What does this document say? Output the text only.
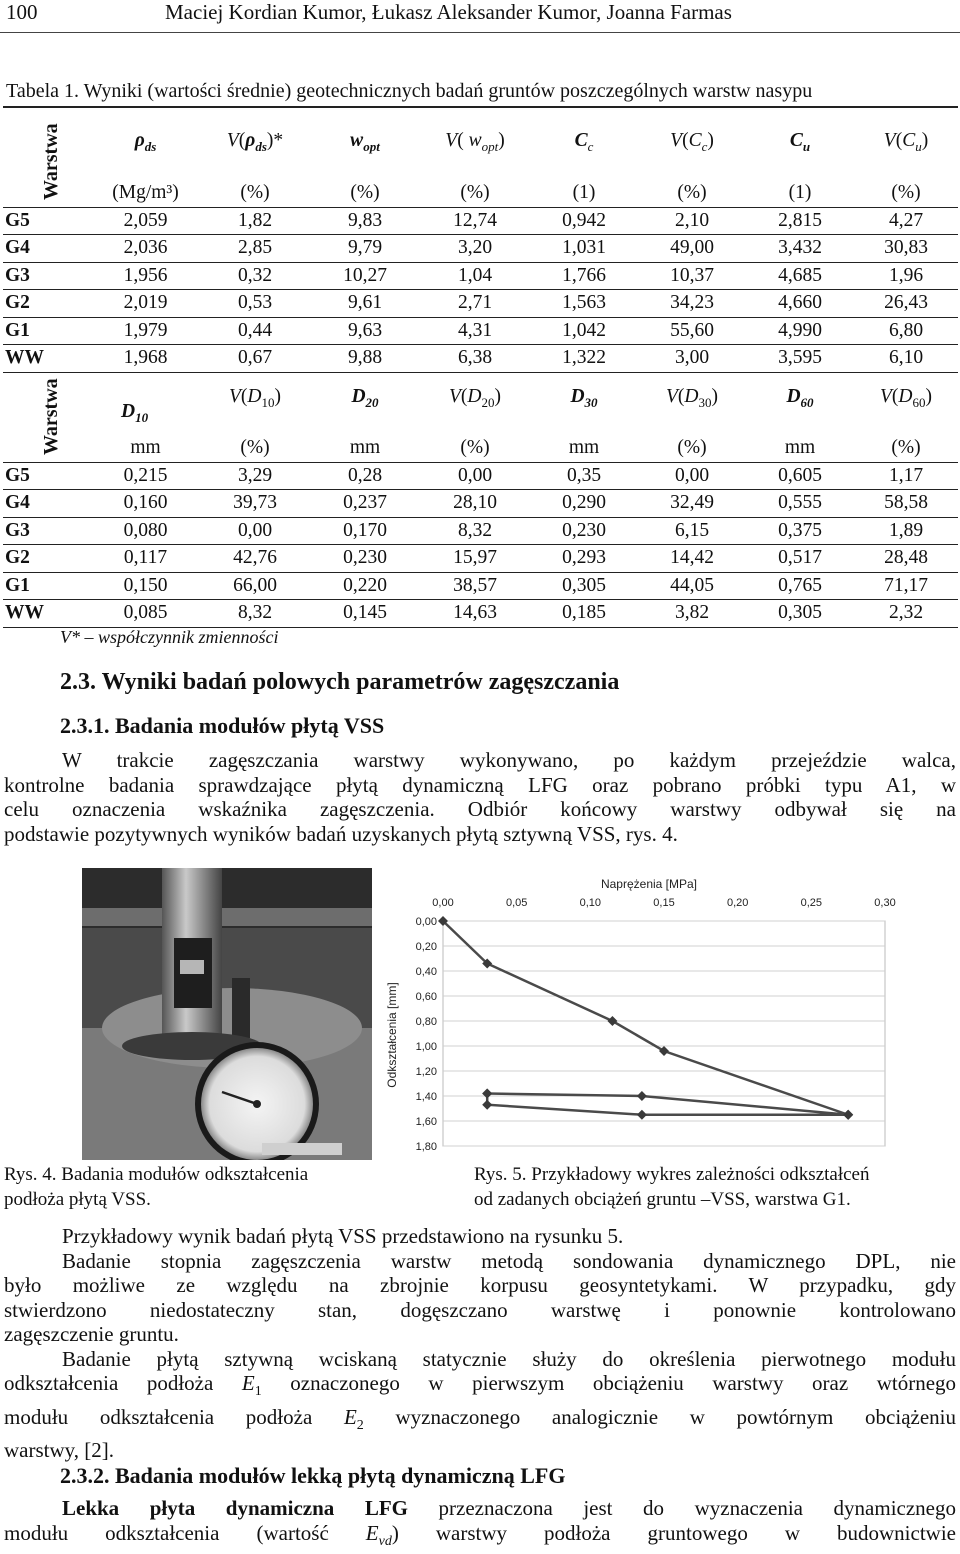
100	Maciej Kordian Kumor, Łukasz Aleksander Kumor, Joanna Farmas
Tabela 1. Wyniki (wartości średnie) geotechnicznych badań gruntów poszczególnych warstw nasypu
Warstwa
		$\rho_{ds}$	$V(\rho_{ds})*$	$w_{opt}$	V( $w_{opt}$)	$C_c$	$V(C_c)$	$C_u$	$V(C_u)$
	(Mg/m³)	(%)	(%)	(%)	(1)	(%)	(1)	(%)
G5	2,059	1,82	9,83	12,74	0,942	2,10	2,815	4,27
G4	2,036	2,85	9,79	3,20	1,031	49,00	3,432	30,83
G3	1,956	0,32	10,27	1,04	1,766	10,37	4,685	1,96
G2	2,019	0,53	9,61	2,71	1,563	34,23	4,660	26,43
G1	1,979	0,44	9,63	4,31	1,042	55,60	4,990	6,80
WW	1,968	0,67	9,88	6,38	1,322	3,00	3,595	6,10
Warstwa
		$D_{10}$	$V(D_{10})$	$D_{20}$	$V(D_{20})$	$D_{30}$	$V(D_{30})$	$D_{60}$	$V(D_{60})$
	mm	(%)	mm	(%)	mm	(%)	mm	(%)
G5	0,215	3,29	0,28	0,00	0,35	0,00	0,605	1,17
G4	0,160	39,73	0,237	28,10	0,290	32,49	0,555	58,58
G3	0,080	0,00	0,170	8,32	0,230	6,15	0,375	1,89
G2	0,117	42,76	0,230	15,97	0,293	14,42	0,517	28,48
G1	0,150	66,00	0,220	38,57	0,305	44,05	0,765	71,17
WW	0,085	8,32	0,145	14,63	0,185	3,82	0,305	2,32
V* – współczynnik zmienności
2.3. Wyniki badań polowych parametrów zagęszczania
2.3.1. Badania modułów płytą VSS
W trakcie zagęszczania warstwy wykonywano, po każdym przejeździe walca,
kontrolne badania sprawdzające płytą dynamiczną LFG oraz pobrano próbki typu A1, w
celu oznaczenia wskaźnika zagęszczenia. Odbiór końcowy warstwy odbywał się na
podstawie pozytywnych wyników badań uzyskanych płytą sztywną VSS, rys. 4.
Rys. 4. Badania modułów odkształcenia
podłoża płytą VSS.
Naprężenia [MPa]
Odkształcenia [mm]
0,00	0,05	0,10	0,15	0,20	0,25	0,30
0,00
0,20
0,40
0,60
0,80
1,00
1,20
1,40
1,60
1,80
Rys. 5. Przykładowy wykres zależności odkształceń
od zadanych obciążeń gruntu –VSS, warstwa G1.
Przykładowy wynik badań płytą VSS przedstawiono na rysunku 5.
Badanie stopnia zagęszczenia warstw metodą sondowania dynamicznego DPL, nie
było możliwe ze względu na zbrojnie korpusu geosyntetykami. W przypadku, gdy
stwierdzono niedostateczny stan, dogęszczano warstwę i ponownie kontrolowano
zagęszczenie gruntu.
Badanie płytą sztywną wciskaną statycznie służy do określenia pierwotnego modułu
odkształcenia podłoża $E_1$ oznaczonego w pierwszym obciążeniu warstwy oraz wtórnego
modułu odkształcenia podłoża $E_2$ wyznaczonego analogicznie w powtórnym obciążeniu
warstwy, [2].
2.3.2. Badania modułów lekką płytą dynamiczną LFG
Lekka płyta dynamiczna LFG przeznaczona jest do wyznaczenia dynamicznego
modułu odkształcenia (wartość $E_{vd}$) warstwy podłoża gruntowego w budownictwie
